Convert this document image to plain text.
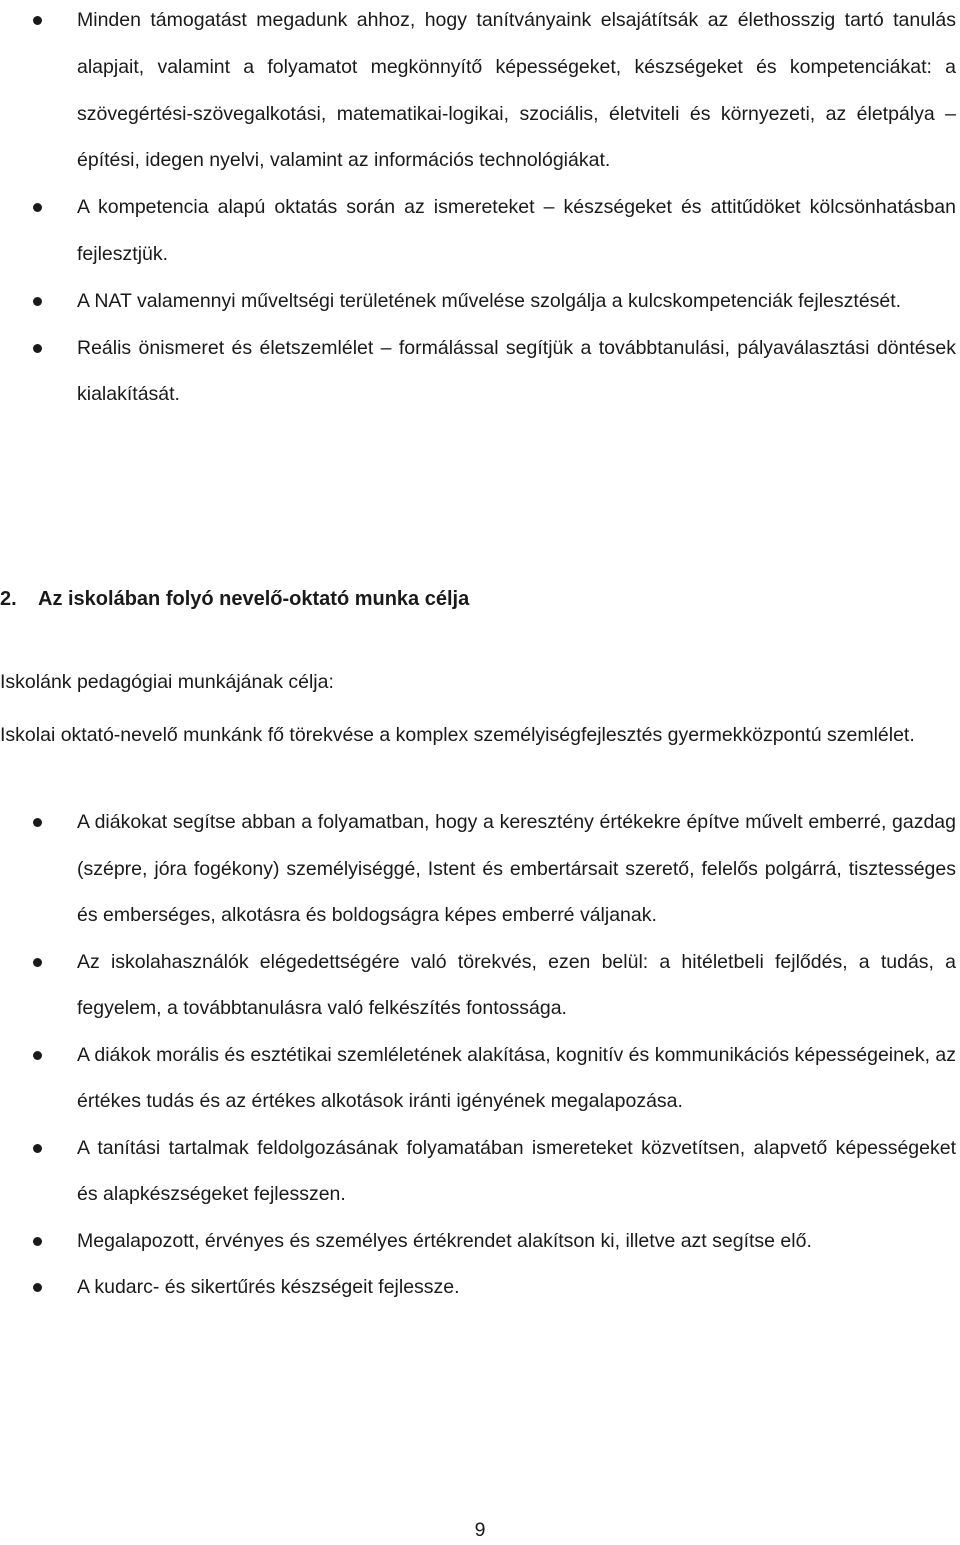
Minden támogatást megadunk ahhoz, hogy tanítványaink elsajátítsák az élethosszig tartó tanulás alapjait, valamint a folyamatot megkönnyítő képességeket, készségeket és kompetenciákat: a szövegértési-szövegalkotási, matematikai-logikai, szociális, életviteli és környezeti, az életpálya – építési, idegen nyelvi, valamint az információs technológiákat.
A kompetencia alapú oktatás során az ismereteket – készségeket és attitűdöket kölcsönhatásban fejlesztjük.
A NAT valamennyi műveltségi területének művelése szolgálja a kulcskompetenciák fejlesztését.
Reális önismeret és életszemlélet – formálással segítjük a továbbtanulási, pályaválasztási döntések kialakítását.
2. Az iskolában folyó nevelő-oktató munka célja
Iskolánk pedagógiai munkájának célja:
Iskolai oktató-nevelő munkánk fő törekvése a komplex személyiségfejlesztés gyermekközpontú szemlélet.
A diákokat segítse abban a folyamatban, hogy a keresztény értékekre építve művelt emberré, gazdag (szépre, jóra fogékony) személyiséggé, Istent és embertársait szerető, felelős polgárrá, tisztességes és emberséges, alkotásra és boldogságra képes emberré váljanak.
Az iskolahasználók elégedettségére való törekvés, ezen belül: a hitéletbeli fejlődés, a tudás, a fegyelem, a továbbtanulásra való felkészítés fontossága.
A diákok morális és esztétikai szemléletének alakítása, kognitív és kommunikációs képességeinek, az értékes tudás és az értékes alkotások iránti igényének megalapozása.
A tanítási tartalmak feldolgozásának folyamatában ismereteket közvetítsen, alapvető képességeket és alapkészségeket fejlesszen.
Megalapozott, érvényes és személyes értékrendet alakítson ki, illetve azt segítse elő.
A kudarc- és sikertűrés készségeit fejlessze.
9
